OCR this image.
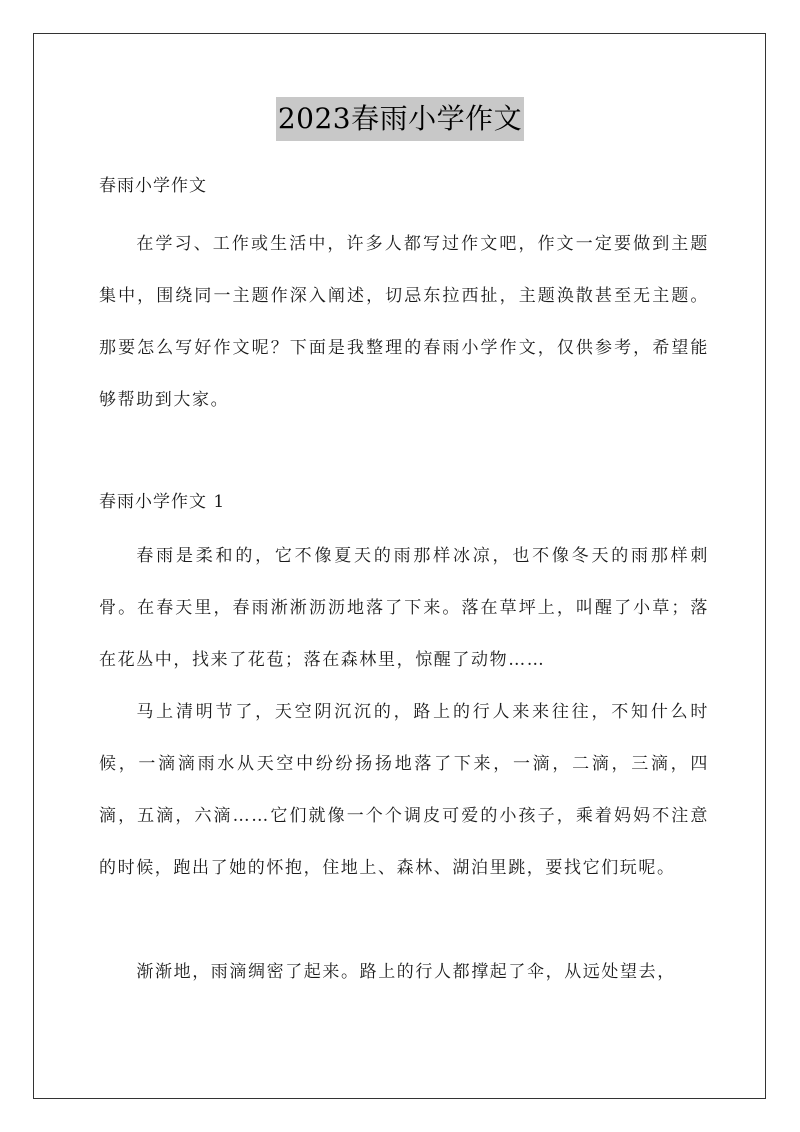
2023春雨小学作文
春雨小学作文

在学习、工作或生活中，许多人都写过作文吧，作文一定要做到主题集中，围绕同一主题作深入阐述，切忌东拉西扯，主题涣散甚至无主题。那要怎么写好作文呢？下面是我整理的春雨小学作文，仅供参考，希望能够帮助到大家。

春雨小学作文 1

春雨是柔和的，它不像夏天的雨那样冰凉，也不像冬天的雨那样刺骨。在春天里，春雨淅淅沥沥地落了下来。落在草坪上，叫醒了小草；落在花丛中，找来了花苞；落在森林里，惊醒了动物……

马上清明节了，天空阴沉沉的，路上的行人来来往往，不知什么时候，一滴滴雨水从天空中纷纷扬扬地落了下来，一滴，二滴，三滴，四滴，五滴，六滴……它们就像一个个调皮可爱的小孩子，乘着妈妈不注意的时候，跑出了她的怀抱，住地上、森林、湖泊里跳，要找它们玩呢。

渐渐地，雨滴绸密了起来。路上的行人都撑起了伞，从远处望去，
